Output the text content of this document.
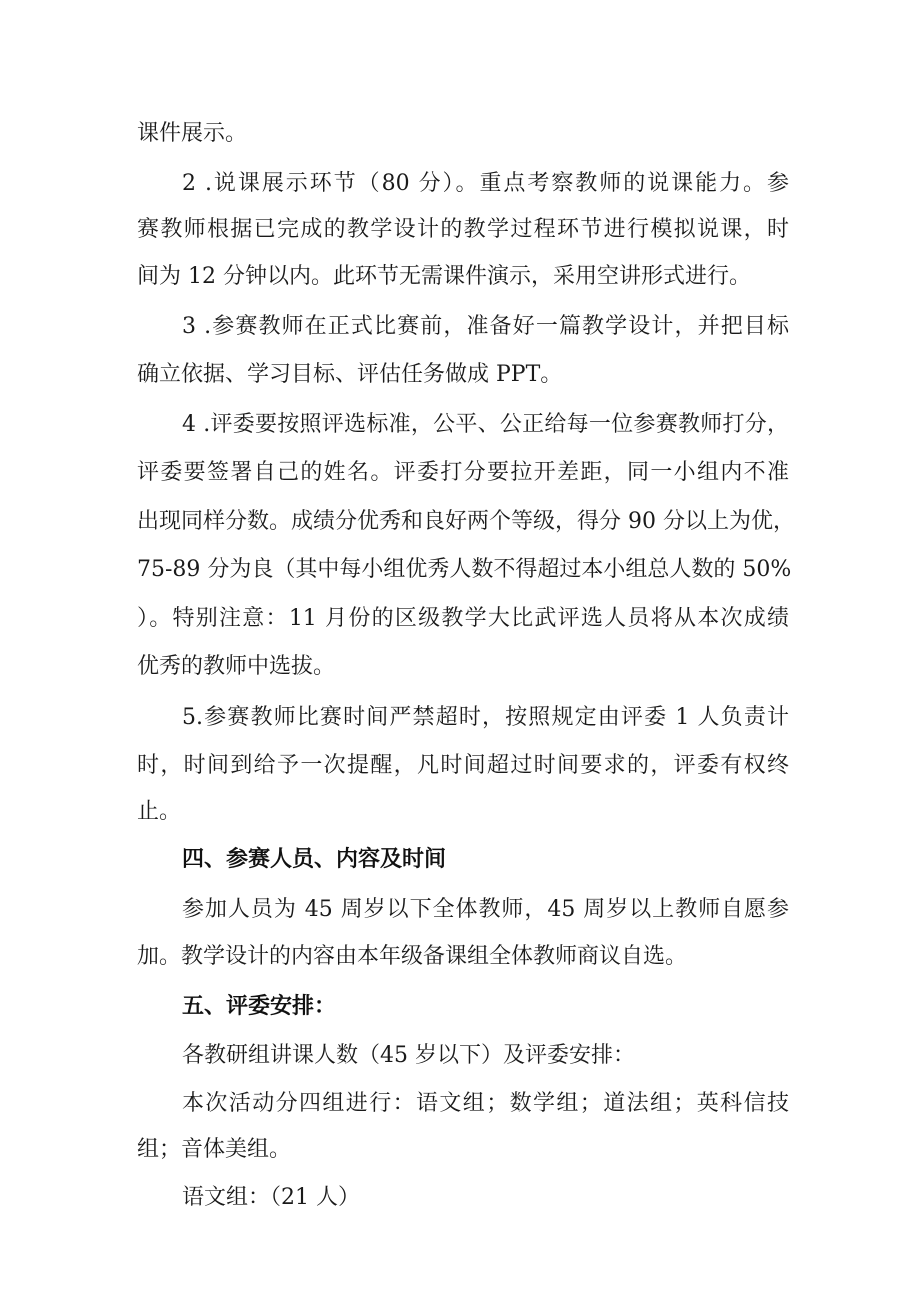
课件展示。
2 .说课展示环节（80 分）。重点考察教师的说课能力。参
赛教师根据已完成的教学设计的教学过程环节进行模拟说课，时
间为 12 分钟以内。此环节无需课件演示，采用空讲形式进行。
3 .参赛教师在正式比赛前，准备好一篇教学设计，并把目标
确立依据、学习目标、评估任务做成 PPT。
4 .评委要按照评选标准，公平、公正给每一位参赛教师打分，
评委要签署自己的姓名。评委打分要拉开差距，同一小组内不准
出现同样分数。成绩分优秀和良好两个等级，得分 90 分以上为优，
75-89 分为良（其中每小组优秀人数不得超过本小组总人数的 50%
）。特别注意：11 月份的区级教学大比武评选人员将从本次成绩
优秀的教师中选拔。
5.参赛教师比赛时间严禁超时，按照规定由评委 1 人负责计
时，时间到给予一次提醒，凡时间超过时间要求的，评委有权终
止。
四、参赛人员、内容及时间
参加人员为 45 周岁以下全体教师，45 周岁以上教师自愿参
加。教学设计的内容由本年级备课组全体教师商议自选。
五、评委安排：
各教研组讲课人数（45 岁以下）及评委安排：
本次活动分四组进行：语文组；数学组；道法组；英科信技
组；音体美组。
语文组：（21 人）
